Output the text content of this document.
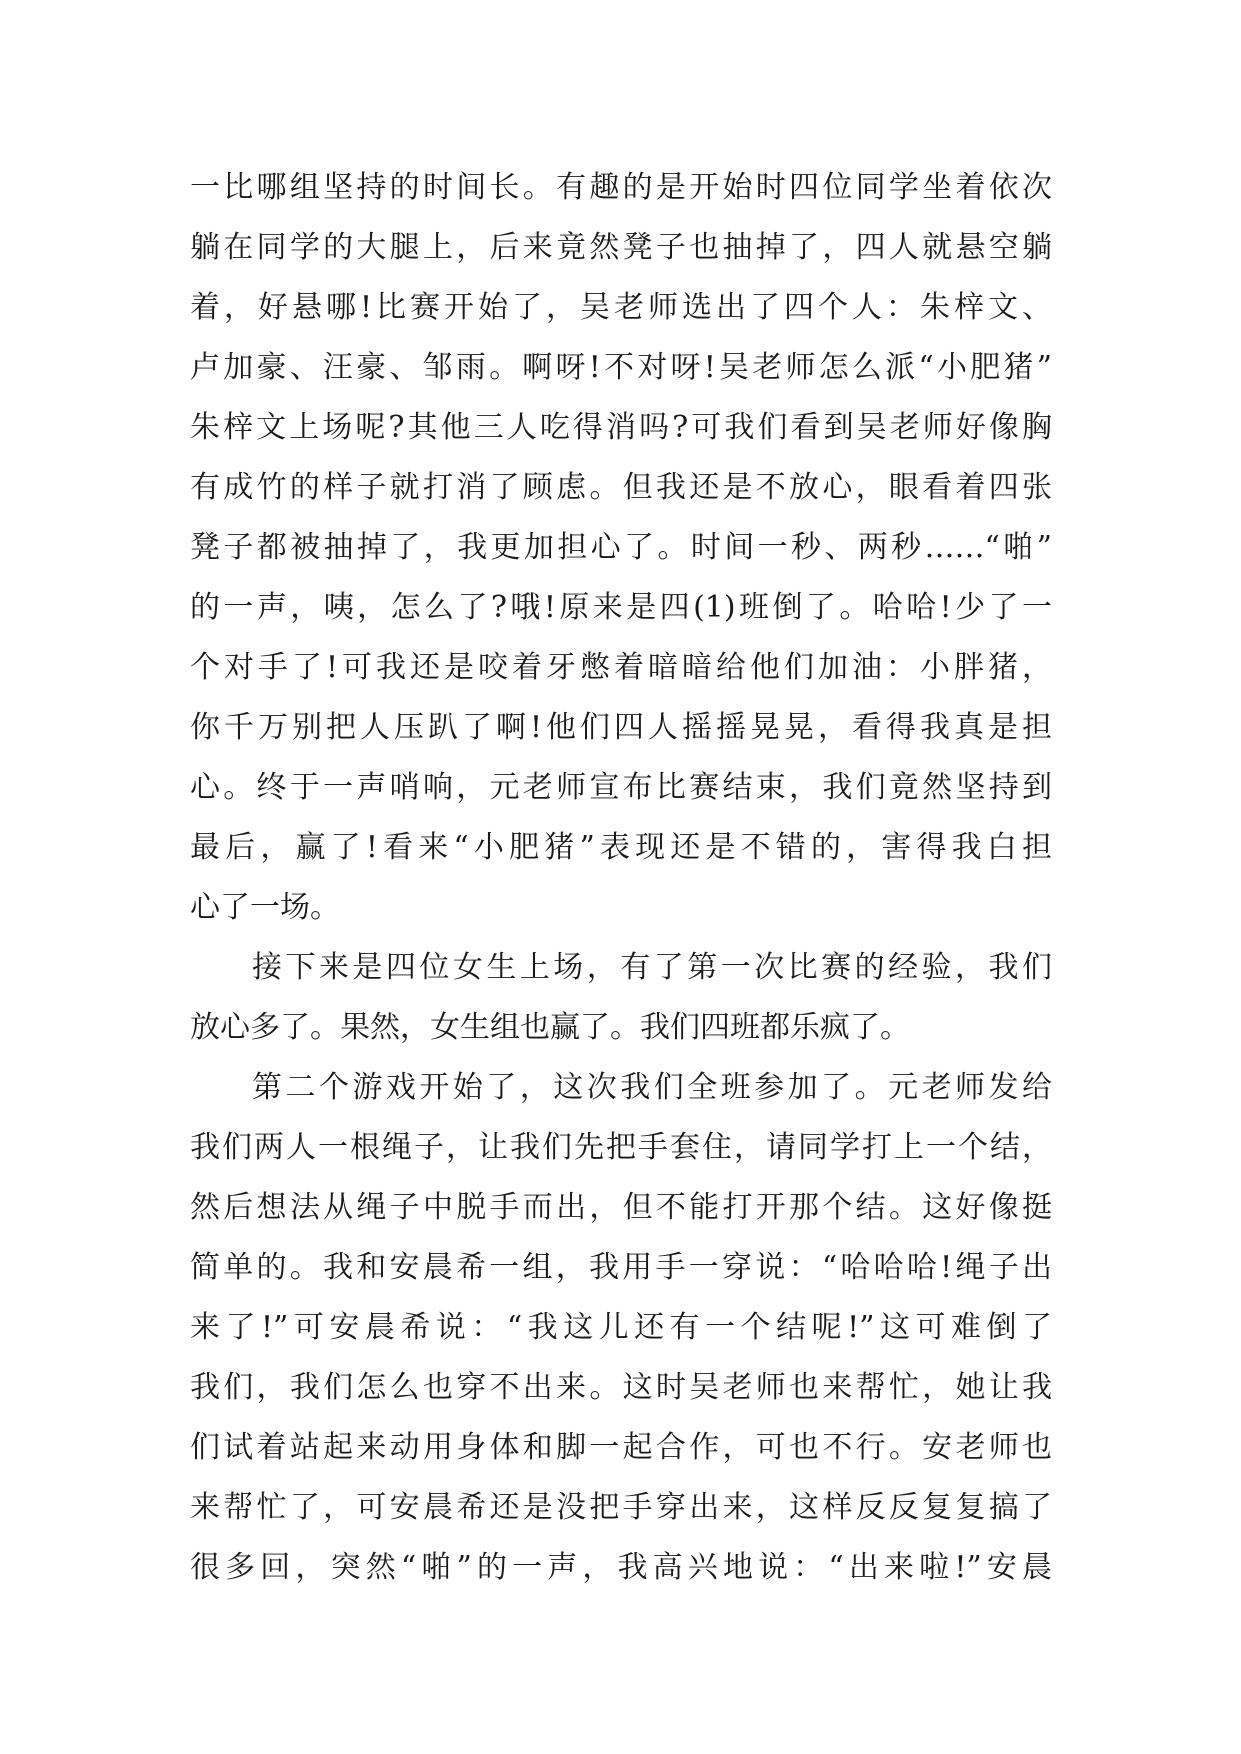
一比哪组坚持的时间长。有趣的是开始时四位同学坐着依次
躺在同学的大腿上，后来竟然凳子也抽掉了，四人就悬空躺
着，好悬哪!比赛开始了，吴老师选出了四个人：朱梓文、
卢加豪、汪豪、邹雨。啊呀!不对呀!吴老师怎么派“小肥猪”
朱梓文上场呢?其他三人吃得消吗?可我们看到吴老师好像胸
有成竹的样子就打消了顾虑。但我还是不放心，眼看着四张
凳子都被抽掉了，我更加担心了。时间一秒、两秒……“啪”
的一声，咦，怎么了?哦!原来是四(1)班倒了。哈哈!少了一
个对手了!可我还是咬着牙憋着暗暗给他们加油：小胖猪，
你千万别把人压趴了啊!他们四人摇摇晃晃，看得我真是担
心。终于一声哨响，元老师宣布比赛结束，我们竟然坚持到
最后，赢了!看来“小肥猪”表现还是不错的，害得我白担
心了一场。
接下来是四位女生上场，有了第一次比赛的经验，我们
放心多了。果然，女生组也赢了。我们四班都乐疯了。
第二个游戏开始了，这次我们全班参加了。元老师发给
我们两人一根绳子，让我们先把手套住，请同学打上一个结，
然后想法从绳子中脱手而出，但不能打开那个结。这好像挺
简单的。我和安晨希一组，我用手一穿说：“哈哈哈!绳子出
来了!”可安晨希说：“我这儿还有一个结呢!”这可难倒了
我们，我们怎么也穿不出来。这时吴老师也来帮忙，她让我
们试着站起来动用身体和脚一起合作，可也不行。安老师也
来帮忙了，可安晨希还是没把手穿出来，这样反反复复搞了
很多回，突然“啪”的一声，我高兴地说：“出来啦!”安晨
